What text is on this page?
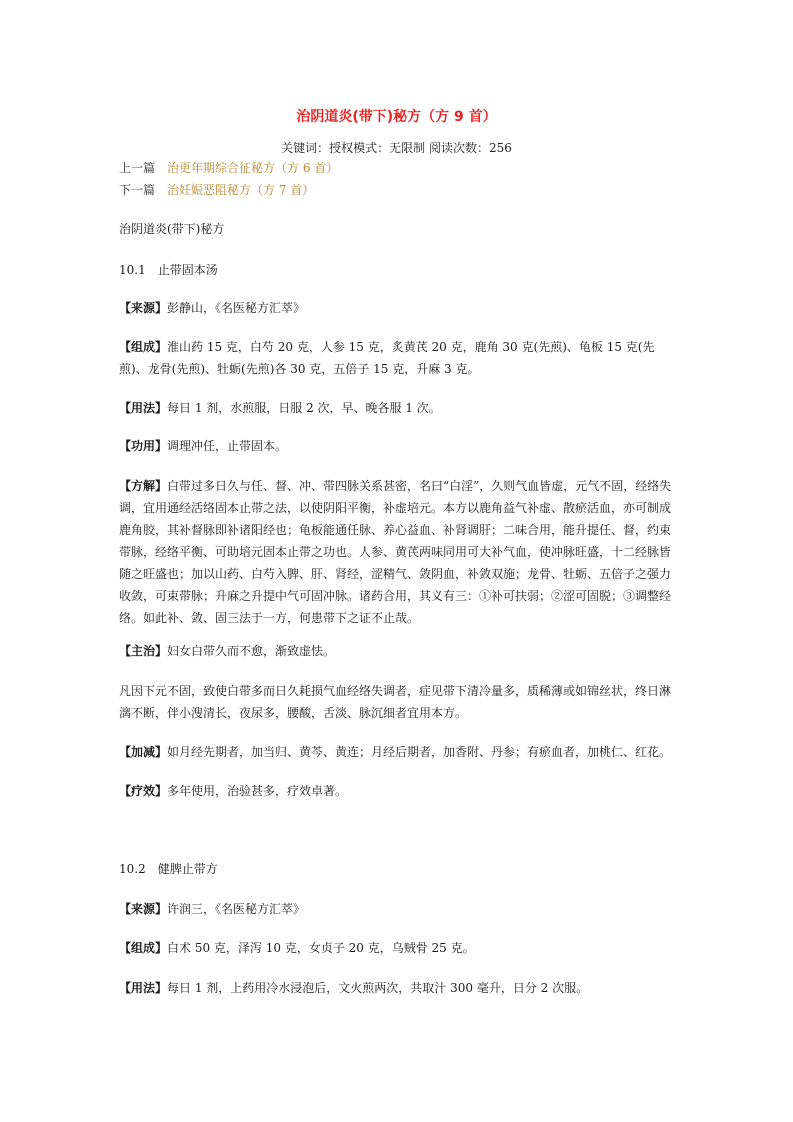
治阴道炎(带下)秘方（方 9 首）
关键词：授权模式：无限制 阅读次数：256
上一篇 治更年期综合征秘方（方 6 首）
下一篇 治妊娠恶阻秘方（方 7 首）

治阴道炎(带下)秘方

10.1　止带固本汤

【来源】彭静山，《名医秘方汇萃》

【组成】淮山药 15 克，白芍 20 克，人参 15 克，炙黄芪 20 克，鹿角 30 克(先煎)、龟板 15 克(先煎)、龙骨(先煎)、牡蛎(先煎)各 30 克，五倍子 15 克，升麻 3 克。

【用法】每日 1 剂，水煎服，日服 2 次，早、晚各服 1 次。

【功用】调理冲任，止带固本。

【方解】白带过多日久与任、督、冲、带四脉关系甚密，名曰“白淫”，久则气血皆虚，元气不固，经络失调，宜用通经活络固本止带之法，以使阴阳平衡，补虚培元。本方以鹿角益气补虚、散瘀活血，亦可制成鹿角胶，其补督脉即补诸阳经也；龟板能通任脉、养心益血、补肾调肝；二味合用，能升提任、督，约束带脉，经络平衡、可助培元固本止带之功也。人参、黄芪两味同用可大补气血，使冲脉旺盛，十二经脉皆随之旺盛也；加以山药、白芍入脾、肝、肾经，涩精气、敛阴血，补敛双施；龙骨、牡蛎、五倍子之强力收敛，可束带脉；升麻之升提中气可固冲脉。诸药合用，其义有三：①补可扶弱；②涩可固脱；③调整经络。如此补、敛、固三法于一方，何患带下之证不止哉。

【主治】妇女白带久而不愈，渐致虚怯。

凡因下元不固，致使白带多而日久耗损气血经络失调者，症见带下清冷量多，质稀薄或如锦丝状，终日淋漓不断，伴小溲清长，夜尿多，腰酸，舌淡、脉沉细者宜用本方。

【加减】如月经先期者，加当归、黄芩、黄连；月经后期者，加香附、丹参；有瘀血者，加桃仁、红花。

【疗效】多年使用，治验甚多，疗效卓著。

10.2　健脾止带方

【来源】许润三，《名医秘方汇萃》

【组成】白术 50 克，泽泻 10 克，女贞子 20 克，乌贼骨 25 克。

【用法】每日 1 剂，上药用冷水浸泡后，文火煎两次，共取汁 300 毫升，日分 2 次服。
